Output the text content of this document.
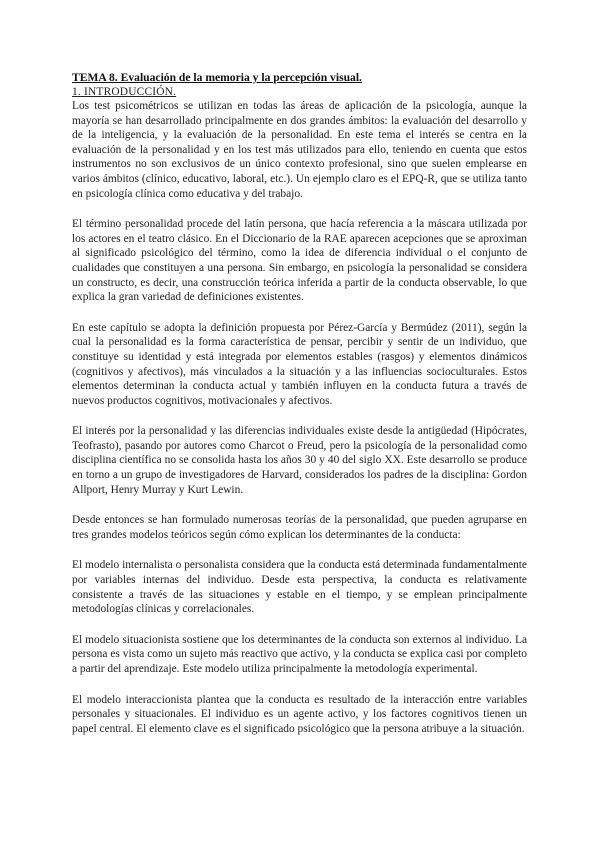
TEMA 8. Evaluación de la memoria y la percepción visual.

1. INTRODUCCIÓN.

Los test psicométricos se utilizan en todas las áreas de aplicación de la psicología, aunque la mayoría se han desarrollado principalmente en dos grandes ámbitos: la evaluación del desarrollo y de la inteligencia, y la evaluación de la personalidad. En este tema el interés se centra en la evaluación de la personalidad y en los test más utilizados para ello, teniendo en cuenta que estos instrumentos no son exclusivos de un único contexto profesional, sino que suelen emplearse en varios ámbitos (clínico, educativo, laboral, etc.). Un ejemplo claro es el EPQ-R, que se utiliza tanto en psicología clínica como educativa y del trabajo.

El término personalidad procede del latín persona, que hacía referencia a la máscara utilizada por los actores en el teatro clásico. En el Diccionario de la RAE aparecen acepciones que se aproximan al significado psicológico del término, como la idea de diferencia individual o el conjunto de cualidades que constituyen a una persona. Sin embargo, en psicología la personalidad se considera un constructo, es decir, una construcción teórica inferida a partir de la conducta observable, lo que explica la gran variedad de definiciones existentes.

En este capítulo se adopta la definición propuesta por Pérez-García y Bermúdez (2011), según la cual la personalidad es la forma característica de pensar, percibir y sentir de un individuo, que constituye su identidad y está integrada por elementos estables (rasgos) y elementos dinámicos (cognitivos y afectivos), más vinculados a la situación y a las influencias socioculturales. Estos elementos determinan la conducta actual y también influyen en la conducta futura a través de nuevos productos cognitivos, motivacionales y afectivos.

El interés por la personalidad y las diferencias individuales existe desde la antigüedad (Hipócrates, Teofrasto), pasando por autores como Charcot o Freud, pero la psicología de la personalidad como disciplina científica no se consolida hasta los años 30 y 40 del siglo XX. Este desarrollo se produce en torno a un grupo de investigadores de Harvard, considerados los padres de la disciplina: Gordon Allport, Henry Murray y Kurt Lewin.

Desde entonces se han formulado numerosas teorías de la personalidad, que pueden agruparse en tres grandes modelos teóricos según cómo explican los determinantes de la conducta:

El modelo internalista o personalista considera que la conducta está determinada fundamentalmente por variables internas del individuo. Desde esta perspectiva, la conducta es relativamente consistente a través de las situaciones y estable en el tiempo, y se emplean principalmente metodologías clínicas y correlacionales.

El modelo situacionista sostiene que los determinantes de la conducta son externos al individuo. La persona es vista como un sujeto más reactivo que activo, y la conducta se explica casi por completo a partir del aprendizaje. Este modelo utiliza principalmente la metodología experimental.

El modelo interaccionista plantea que la conducta es resultado de la interacción entre variables personales y situacionales. El individuo es un agente activo, y los factores cognitivos tienen un papel central. El elemento clave es el significado psicológico que la persona atribuye a la situación.
